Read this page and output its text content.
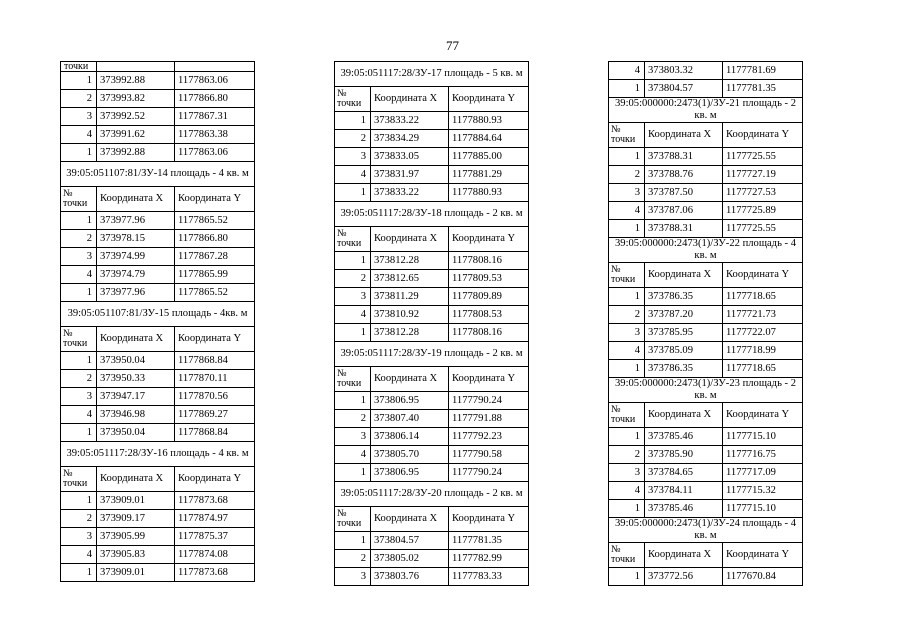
77
точки		
1	373992.88	1177863.06
2	373993.82	1177866.80
3	373992.52	1177867.31
4	373991.62	1177863.38
1	373992.88	1177863.06
39:05:051107:81/ЗУ-14 площадь - 4 кв. м		
№ точки	Координата X	Координата Y
1	373977.96	1177865.52
2	373978.15	1177866.80
3	373974.99	1177867.28
4	373974.79	1177865.99
1	373977.96	1177865.52
39:05:051107:81/ЗУ-15 площадь - 4кв. м		
№ точки	Координата X	Координата Y
1	373950.04	1177868.84
2	373950.33	1177870.11
3	373947.17	1177870.56
4	373946.98	1177869.27
1	373950.04	1177868.84
39:05:051117:28/ЗУ-16 площадь - 4 кв. м		
№ точки	Координата X	Координата Y
1	373909.01	1177873.68
2	373909.17	1177874.97
3	373905.99	1177875.37
4	373905.83	1177874.08
1	373909.01	1177873.68
39:05:051117:28/ЗУ-17 площадь - 5 кв. м		
№ точки	Координата X	Координата Y
1	373833.22	1177880.93
2	373834.29	1177884.64
3	373833.05	1177885.00
4	373831.97	1177881.29
1	373833.22	1177880.93
39:05:051117:28/ЗУ-18 площадь - 2 кв. м		
№ точки	Координата X	Координата Y
1	373812.28	1177808.16
2	373812.65	1177809.53
3	373811.29	1177809.89
4	373810.92	1177808.53
1	373812.28	1177808.16
39:05:051117:28/ЗУ-19 площадь - 2 кв. м		
№ точки	Координата X	Координата Y
1	373806.95	1177790.24
2	373807.40	1177791.88
3	373806.14	1177792.23
4	373805.70	1177790.58
1	373806.95	1177790.24
39:05:051117:28/ЗУ-20 площадь - 2 кв. м		
№ точки	Координата X	Координата Y
1	373804.57	1177781.35
2	373805.02	1177782.99
3	373803.76	1177783.33
4	373803.32	1177781.69
1	373804.57	1177781.35
39:05:000000:2473(1)/ЗУ-21 площадь - 2 кв. м		
№ точки	Координата X	Координата Y
1	373788.31	1177725.55
2	373788.76	1177727.19
3	373787.50	1177727.53
4	373787.06	1177725.89
1	373788.31	1177725.55
39:05:000000:2473(1)/ЗУ-22 площадь - 4 кв. м		
№ точки	Координата X	Координата Y
1	373786.35	1177718.65
2	373787.20	1177721.73
3	373785.95	1177722.07
4	373785.09	1177718.99
1	373786.35	1177718.65
39:05:000000:2473(1)/ЗУ-23 площадь - 2 кв. м		
№ точки	Координата X	Координата Y
1	373785.46	1177715.10
2	373785.90	1177716.75
3	373784.65	1177717.09
4	373784.11	1177715.32
1	373785.46	1177715.10
39:05:000000:2473(1)/ЗУ-24 площадь - 4 кв. м		
№ точки	Координата X	Координата Y
1	373772.56	1177670.84
